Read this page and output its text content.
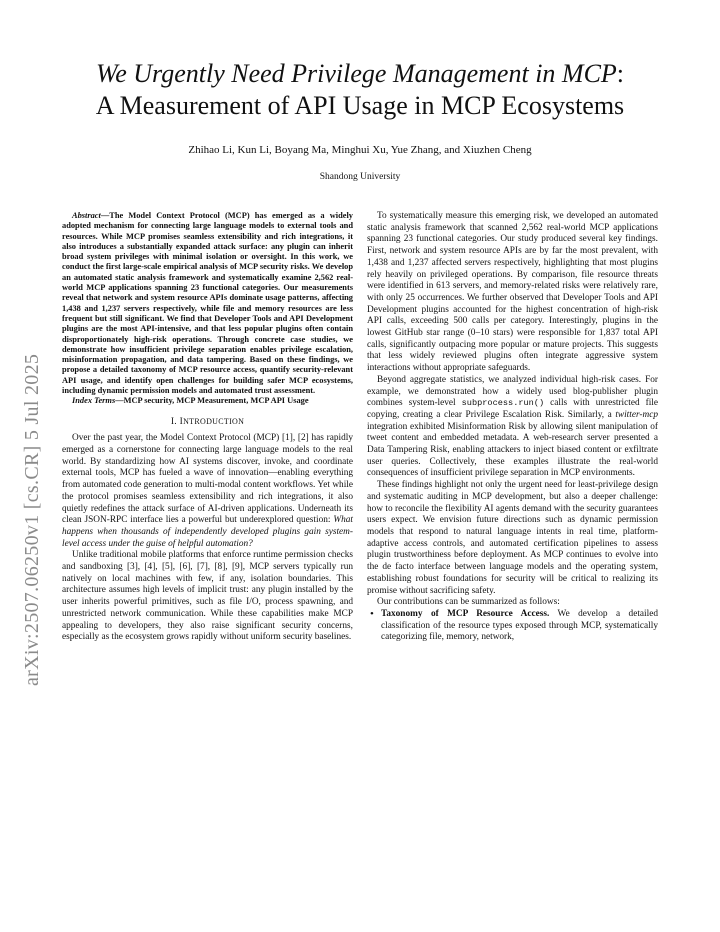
arXiv:2507.06250v1 [cs.CR] 5 Jul 2025
We Urgently Need Privilege Management in MCP:
A Measurement of API Usage in MCP Ecosystems
Zhihao Li, Kun Li, Boyang Ma, Minghui Xu, Yue Zhang, and Xiuzhen Cheng
Shandong University

Abstract—The Model Context Protocol (MCP) has emerged as a widely adopted mechanism for connecting large language models to external tools and resources. While MCP promises seamless extensibility and rich integrations, it also introduces a substantially expanded attack surface: any plugin can inherit broad system privileges with minimal isolation or oversight. In this work, we conduct the first large-scale empirical analysis of MCP security risks. We develop an automated static analysis framework and systematically examine 2,562 real-world MCP applications spanning 23 functional categories. Our measurements reveal that network and system resource APIs dominate usage patterns, affecting 1,438 and 1,237 servers respectively, while file and memory resources are less frequent but still significant. We find that Developer Tools and API Development plugins are the most API-intensive, and that less popular plugins often contain disproportionately high-risk operations. Through concrete case studies, we demonstrate how insufficient privilege separation enables privilege escalation, misinformation propagation, and data tampering. Based on these findings, we propose a detailed taxonomy of MCP resource access, quantify security-relevant API usage, and identify open challenges for building safer MCP ecosystems, including dynamic permission models and automated trust assessment.

Index Terms—MCP security, MCP Measurement, MCP API Usage

I. INTRODUCTION

Over the past year, the Model Context Protocol (MCP) [1], [2] has rapidly emerged as a cornerstone for connecting large language models to the real world. By standardizing how AI systems discover, invoke, and coordinate external tools, MCP has fueled a wave of innovation—enabling everything from automated code generation to multi-modal content workflows. Yet while the protocol promises seamless extensibility and rich integrations, it also quietly redefines the attack surface of AI-driven applications. Underneath its clean JSON-RPC interface lies a powerful but underexplored question: What happens when thousands of independently developed plugins gain system-level access under the guise of helpful automation?

Unlike traditional mobile platforms that enforce runtime permission checks and sandboxing [3], [4], [5], [6], [7], [8], [9], MCP servers typically run natively on local machines with few, if any, isolation boundaries. This architecture assumes high levels of implicit trust: any plugin installed by the user inherits powerful primitives, such as file I/O, process spawning, and unrestricted network communication. While these capabilities make MCP appealing to developers, they also raise significant security concerns, especially as the ecosystem grows rapidly without uniform security baselines.

To systematically measure this emerging risk, we developed an automated static analysis framework that scanned 2,562 real-world MCP applications spanning 23 functional categories. Our study produced several key findings. First, network and system resource APIs are by far the most prevalent, with 1,438 and 1,237 affected servers respectively, highlighting that most plugins rely heavily on privileged operations. By comparison, file resource threats were identified in 613 servers, and memory-related risks were relatively rare, with only 25 occurrences. We further observed that Developer Tools and API Development plugins accounted for the highest concentration of high-risk API calls, exceeding 500 calls per category. Interestingly, plugins in the lowest GitHub star range (0–10 stars) were responsible for 1,837 total API calls, significantly outpacing more popular or mature projects. This suggests that less widely reviewed plugins often integrate aggressive system interactions without appropriate safeguards.

Beyond aggregate statistics, we analyzed individual high-risk cases. For example, we demonstrated how a widely used blog-publisher plugin combines system-level subprocess.run() calls with unrestricted file copying, creating a clear Privilege Escalation Risk. Similarly, a twitter-mcp integration exhibited Misinformation Risk by allowing silent manipulation of tweet content and embedded metadata. A web-research server presented a Data Tampering Risk, enabling attackers to inject biased content or exfiltrate user queries. Collectively, these examples illustrate the real-world consequences of insufficient privilege separation in MCP environments.

These findings highlight not only the urgent need for least-privilege design and systematic auditing in MCP development, but also a deeper challenge: how to reconcile the flexibility AI agents demand with the security guarantees users expect. We envision future directions such as dynamic permission models that respond to natural language intents in real time, platform-adaptive access controls, and automated certification pipelines to assess plugin trustworthiness before deployment. As MCP continues to evolve into the de facto interface between language models and the operating system, establishing robust foundations for security will be critical to realizing its promise without sacrificing safety.

Our contributions can be summarized as follows:

• Taxonomy of MCP Resource Access. We develop a detailed classification of the resource types exposed through MCP, systematically categorizing file, memory, network,
